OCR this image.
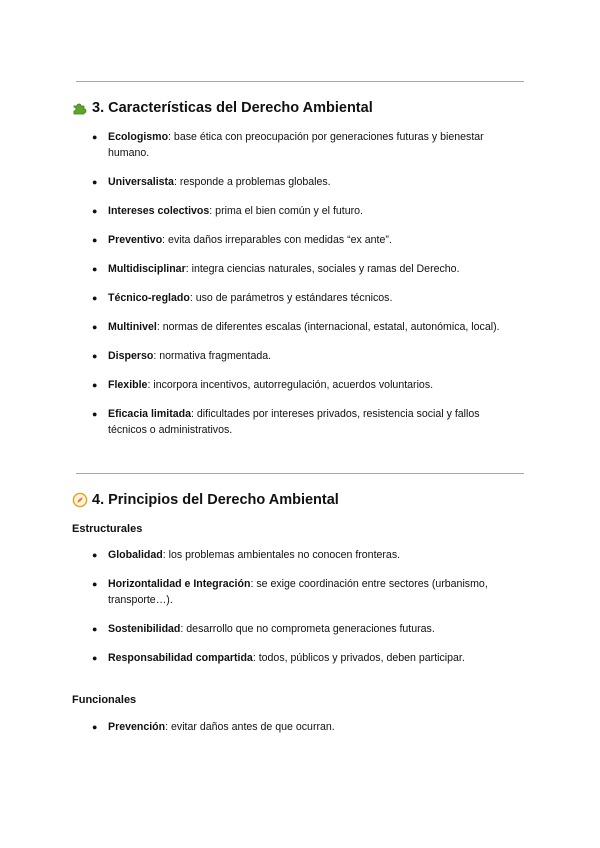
3. Características del Derecho Ambiental
● Ecologismo: base ética con preocupación por generaciones futuras y bienestar humano.
● Universalista: responde a problemas globales.
● Intereses colectivos: prima el bien común y el futuro.
● Preventivo: evita daños irreparables con medidas “ex ante”.
● Multidisciplinar: integra ciencias naturales, sociales y ramas del Derecho.
● Técnico-reglado: uso de parámetros y estándares técnicos.
● Multinivel: normas de diferentes escalas (internacional, estatal, autonómica, local).
● Disperso: normativa fragmentada.
● Flexible: incorpora incentivos, autorregulación, acuerdos voluntarios.
● Eficacia limitada: dificultades por intereses privados, resistencia social y fallos técnicos o administrativos.
4. Principios del Derecho Ambiental
Estructurales
● Globalidad: los problemas ambientales no conocen fronteras.
● Horizontalidad e Integración: se exige coordinación entre sectores (urbanismo, transporte…).
● Sostenibilidad: desarrollo que no comprometa generaciones futuras.
● Responsabilidad compartida: todos, públicos y privados, deben participar.
Funcionales
● Prevención: evitar daños antes de que ocurran.
